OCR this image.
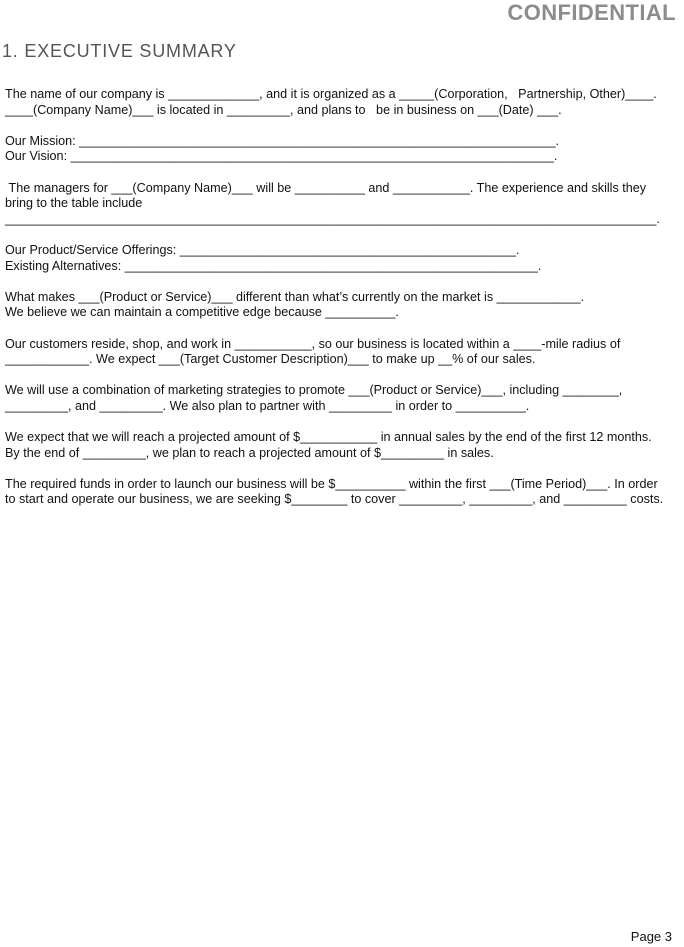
CONFIDENTIAL
1. EXECUTIVE SUMMARY

The name of our company is _____________, and it is organized as a _____(Corporation,   Partnership, Other)____. ____(Company Name)___ is located in _________, and plans to   be in business on ___(Date) ___.

Our Mission: ____________________________________________________________________.
Our Vision: _____________________________________________________________________.

The managers for ___(Company Name)___ will be __________ and ___________. The experience and skills they bring to the table include
_____________________________________________________________________________________________.

Our Product/Service Offerings: ________________________________________________.
Existing Alternatives: ___________________________________________________________.

What makes ___(Product or Service)___ different than what’s currently on the market is ____________.
We believe we can maintain a competitive edge because __________.

Our customers reside, shop, and work in ___________, so our business is located within a ____-mile radius of ____________. We expect ___(Target Customer Description)___ to make up __% of our sales.

We will use a combination of marketing strategies to promote ___(Product or Service)___, including ________, _________, and _________. We also plan to partner with _________ in order to __________.

We expect that we will reach a projected amount of $___________ in annual sales by the end of the first 12 months. By the end of _________, we plan to reach a projected amount of $_________ in sales.

The required funds in order to launch our business will be $__________ within the first ___(Time Period)___. In order to start and operate our business, we are seeking $________ to cover _________, _________, and _________ costs.

Page 3
